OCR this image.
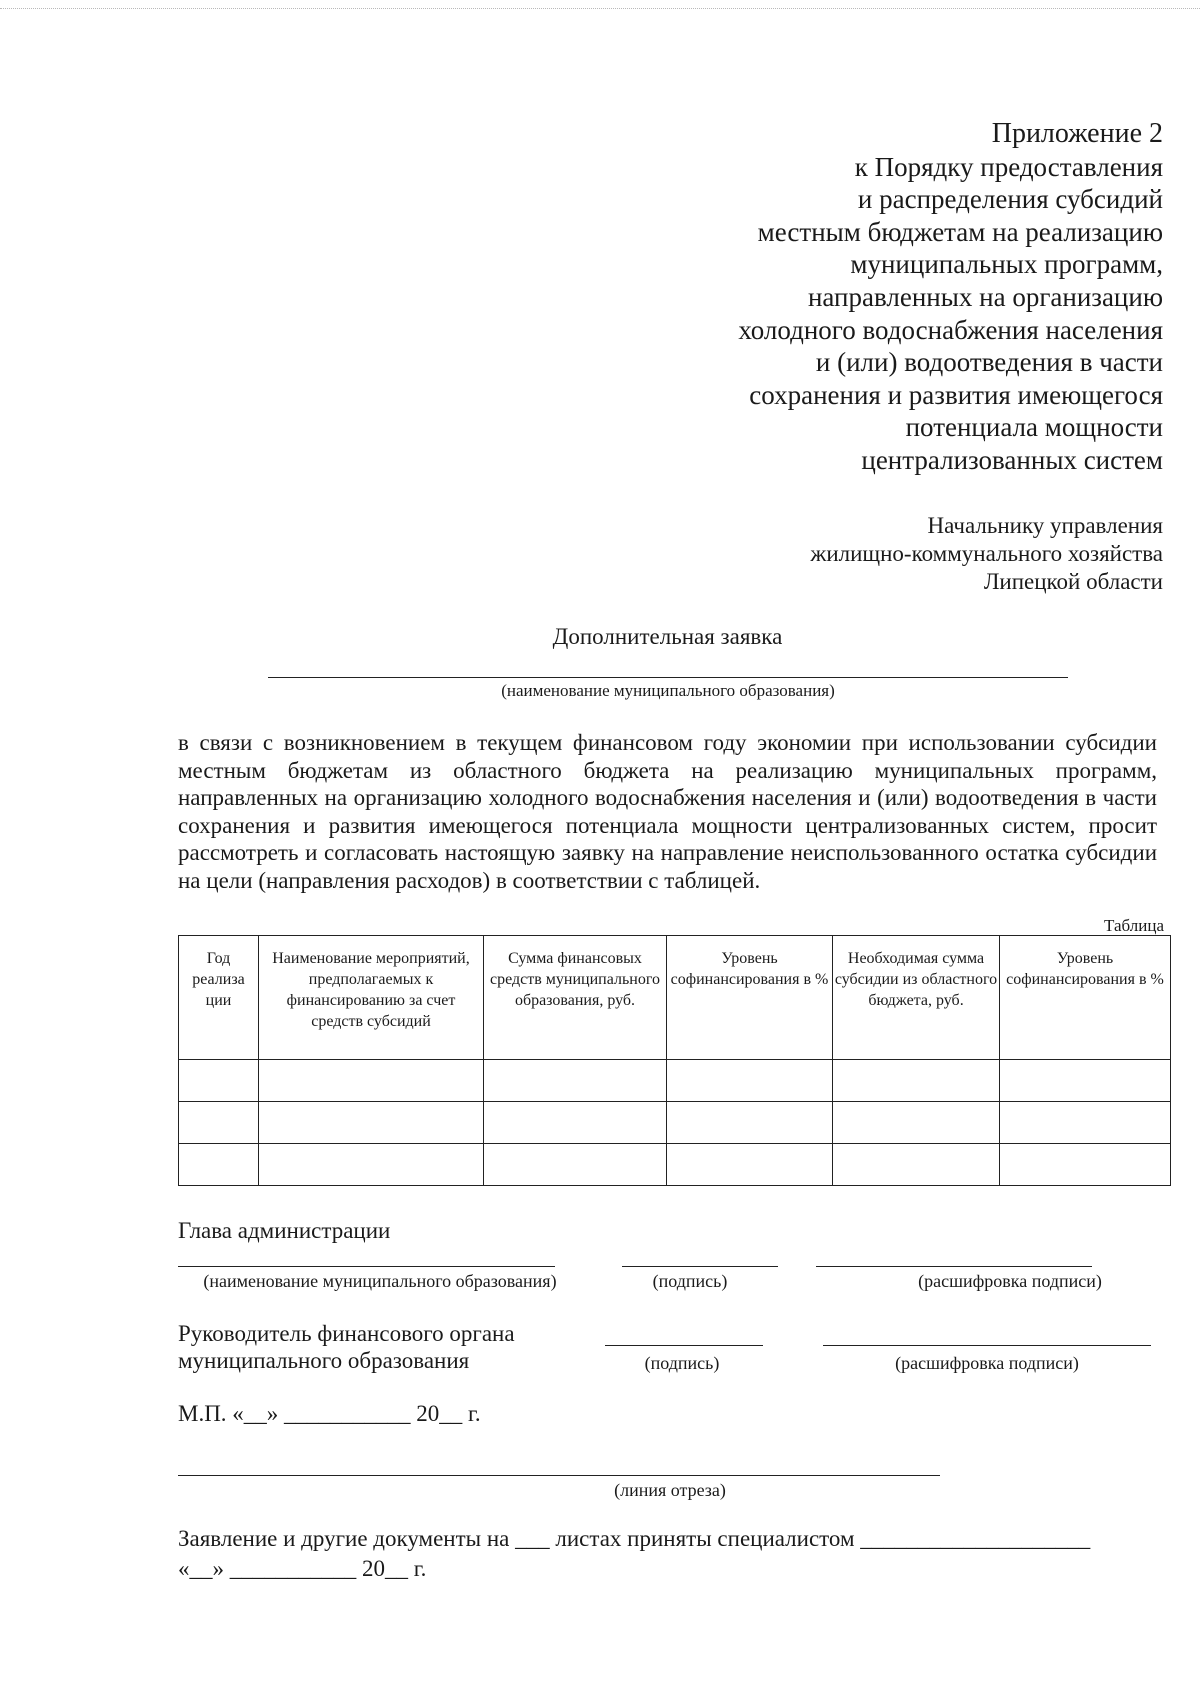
Приложение 2
к Порядку предоставления
и распределения субсидий
местным бюджетам на реализацию
муниципальных программ,
направленных на организацию
холодного водоснабжения населения
и (или) водоотведения в части
сохранения и развития имеющегося
потенциала мощности
централизованных систем
Начальнику управления
жилищно-коммунального хозяйства
Липецкой области
Дополнительная заявка
(наименование муниципального образования)
в связи с возникновением в текущем финансовом году экономии при использовании субсидии местным бюджетам из областного бюджета на реализацию муниципальных программ, направленных на организацию холодного водоснабжения населения и (или) водоотведения в части сохранения и развития имеющегося потенциала мощности централизованных систем, просит рассмотреть и согласовать настоящую заявку на направление неиспользованного остатка субсидии на цели (направления расходов) в соответствии с таблицей.
Таблица
Год реализа ции	Наименование мероприятий, предполагаемых к финансированию за счет средств субсидий	Сумма финансовых средств муниципального образования, руб.	Уровень софинансирования в %	Необходимая сумма субсидии из областного бюджета, руб.	Уровень софинансирования в %

Глава администрации
(наименование муниципального образования)	(подпись)	(расшифровка подписи)
Руководитель финансового органа
муниципального образования	(подпись)	(расшифровка подписи)
М.П. «__» ___________ 20__ г.
(линия отреза)
Заявление и другие документы на ___ листах приняты специалистом ____________________
«__» ___________ 20__ г.
